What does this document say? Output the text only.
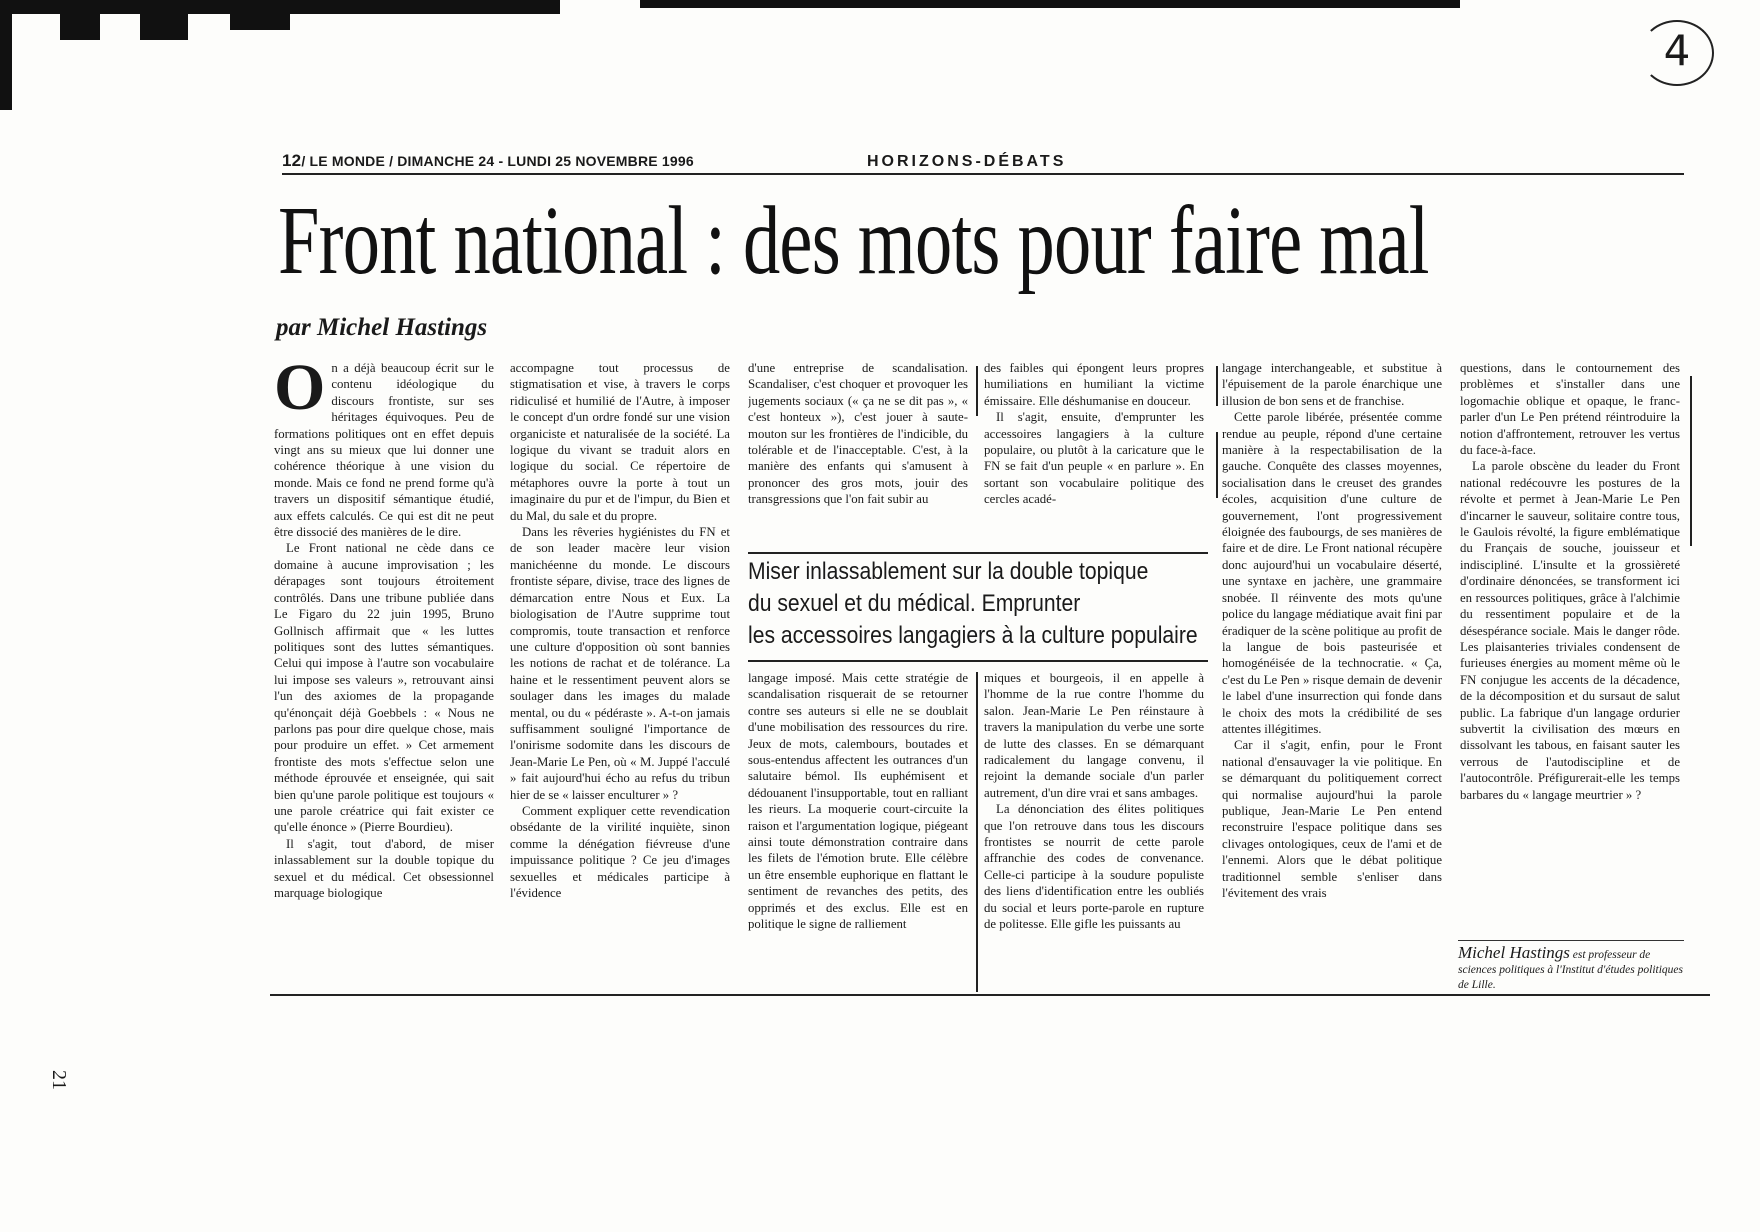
4
12/ LE MONDE / DIMANCHE 24 - LUNDI 25 NOVEMBRE 1996	HORIZONS-DÉBATS
Front national : des mots pour faire mal
par Michel Hastings

On a déjà beaucoup écrit sur le contenu idéologique du discours frontiste, sur ses héritages équivoques. Peu de formations politiques ont en effet depuis vingt ans su mieux que lui donner une cohérence théorique à une vision du monde. Mais ce fond ne prend forme qu'à travers un dispositif sémantique étudié, aux effets calculés. Ce qui est dit ne peut être dissocié des manières de le dire.

Le Front national ne cède dans ce domaine à aucune improvisation ; les dérapages sont toujours étroitement contrôlés. Dans une tribune publiée dans Le Figaro du 22 juin 1995, Bruno Gollnisch affirmait que « les luttes politiques sont des luttes sémantiques. Celui qui impose à l'autre son vocabulaire lui impose ses valeurs », retrouvant ainsi l'un des axiomes de la propagande qu'énonçait déjà Goebbels : « Nous ne parlons pas pour dire quelque chose, mais pour produire un effet. » Cet armement frontiste des mots s'effectue selon une méthode éprouvée et enseignée, qui sait bien qu'une parole politique est toujours « une parole créatrice qui fait exister ce qu'elle énonce » (Pierre Bourdieu).

Il s'agit, tout d'abord, de miser inlassablement sur la double topique du sexuel et du médical. Cet obsessionnel marquage biologique

accompagne tout processus de stigmatisation et vise, à travers le corps ridiculisé et humilié de l'Autre, à imposer le concept d'un ordre fondé sur une vision organiciste et naturalisée de la société. La logique du vivant se traduit alors en logique du social. Ce répertoire de métaphores ouvre la porte à tout un imaginaire du pur et de l'impur, du Bien et du Mal, du sale et du propre.

Dans les rêveries hygiénistes du FN et de son leader macère leur vision manichéenne du monde. Le discours frontiste sépare, divise, trace des lignes de démarcation entre Nous et Eux. La biologisation de l'Autre supprime tout compromis, toute transaction et renforce une culture d'opposition où sont bannies les notions de rachat et de tolérance. La haine et le ressentiment peuvent alors se soulager dans les images du malade mental, ou du « pédéraste ». A-t-on jamais suffisamment souligné l'importance de l'onirisme sodomite dans les discours de Jean-Marie Le Pen, où « M. Juppé l'acculé » fait aujourd'hui écho au refus du tribun hier de se « laisser enculturer » ?

Comment expliquer cette revendication obsédante de la virilité inquiète, sinon comme la dénégation fiévreuse d'une impuissance politique ? Ce jeu d'images sexuelles et médicales participe à l'évidence

d'une entreprise de scandalisation. Scandaliser, c'est choquer et provoquer les jugements sociaux (« ça ne se dit pas », « c'est honteux »), c'est jouer à saute-mouton sur les frontières de l'indicible, du tolérable et de l'inacceptable. C'est, à la manière des enfants qui s'amusent à prononcer des gros mots, jouir des transgressions que l'on fait subir au

des faibles qui épongent leurs propres humiliations en humiliant la victime émissaire. Elle déshumanise en douceur.

Il s'agit, ensuite, d'emprunter les accessoires langagiers à la culture populaire, ou plutôt à la caricature que le FN se fait d'un peuple « en parlure ». En sortant son vocabulaire politique des cercles acadé-

Miser inlassablement sur la double topique
du sexuel et du médical. Emprunter
les accessoires langagiers à la culture populaire

langage imposé. Mais cette stratégie de scandalisation risquerait de se retourner contre ses auteurs si elle ne se doublait d'une mobilisation des ressources du rire. Jeux de mots, calembours, boutades et sous-entendus affectent les outrances d'un salutaire bémol. Ils euphémisent et dédouanent l'insupportable, tout en ralliant les rieurs. La moquerie court-circuite la raison et l'argumentation logique, piégeant ainsi toute démonstration contraire dans les filets de l'émotion brute. Elle célèbre un être ensemble euphorique en flattant le sentiment de revanches des petits, des opprimés et des exclus. Elle est en politique le signe de ralliement

miques et bourgeois, il en appelle à l'homme de la rue contre l'homme du salon. Jean-Marie Le Pen réinstaure à travers la manipulation du verbe une sorte de lutte des classes. En se démarquant radicalement du langage convenu, il rejoint la demande sociale d'un parler autrement, d'un dire vrai et sans ambages.

La dénonciation des élites politiques que l'on retrouve dans tous les discours frontistes se nourrit de cette parole affranchie des codes de convenance. Celle-ci participe à la soudure populiste des liens d'identification entre les oubliés du social et leurs porte-parole en rupture de politesse. Elle gifle les puissants au

langage interchangeable, et substitue à l'épuisement de la parole énarchique une illusion de bon sens et de franchise.

Cette parole libérée, présentée comme rendue au peuple, répond d'une certaine manière à la respectabilisation de la gauche. Conquête des classes moyennes, socialisation dans le creuset des grandes écoles, acquisition d'une culture de gouvernement, l'ont progressivement éloignée des faubourgs, de ses manières de faire et de dire. Le Front national récupère donc aujourd'hui un vocabulaire déserté, une syntaxe en jachère, une grammaire snobée. Il réinvente des mots qu'une police du langage médiatique avait fini par éradiquer de la scène politique au profit de la langue de bois pasteurisée et homogénéisée de la technocratie. « Ça, c'est du Le Pen » risque demain de devenir le label d'une insurrection qui fonde dans le choix des mots la crédibilité de ses attentes illégitimes.

Car il s'agit, enfin, pour le Front national d'ensauvager la vie politique. En se démarquant du politiquement correct qui normalise aujourd'hui la parole publique, Jean-Marie Le Pen entend reconstruire l'espace politique dans ses clivages ontologiques, ceux de l'ami et de l'ennemi. Alors que le débat politique traditionnel semble s'enliser dans l'évitement des vrais

questions, dans le contournement des problèmes et s'installer dans une logomachie oblique et opaque, le franc-parler d'un Le Pen prétend réintroduire la notion d'affrontement, retrouver les vertus du face-à-face.

La parole obscène du leader du Front national redécouvre les postures de la révolte et permet à Jean-Marie Le Pen d'incarner le sauveur, solitaire contre tous, le Gaulois révolté, la figure emblématique du Français de souche, jouisseur et indiscipliné. L'insulte et la grossièreté d'ordinaire dénoncées, se transforment ici en ressources politiques, grâce à l'alchimie du ressentiment populaire et de la désespérance sociale. Mais le danger rôde. Les plaisanteries triviales condensent de furieuses énergies au moment même où le FN conjugue les accents de la décadence, de la décomposition et du sursaut de salut public. La fabrique d'un langage ordurier subvertit la civilisation des mœurs en dissolvant les tabous, en faisant sauter les verrous de l'autodiscipline et de l'autocontrôle. Préfigurerait-elle les temps barbares du « langage meurtrier » ?

Michel Hastings est professeur de sciences politiques à l'Institut d'études politiques de Lille.
21
